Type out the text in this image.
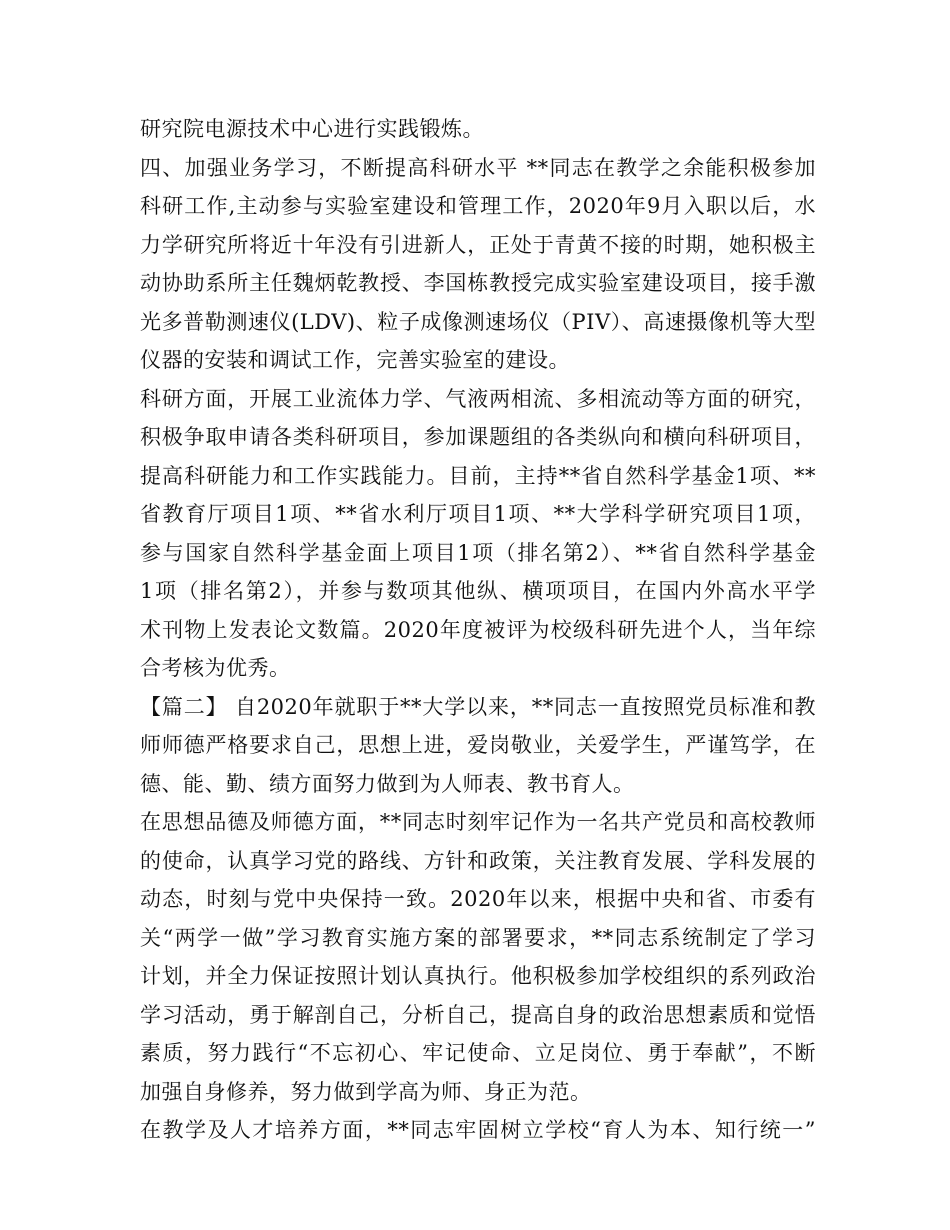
研究院电源技术中心进行实践锻炼。
四、加强业务学习，不断提高科研水平 **同志在教学之余能积极参加
科研工作,主动参与实验室建设和管理工作，2020年9月入职以后，水
力学研究所将近十年没有引进新人，正处于青黄不接的时期，她积极主
动协助系所主任魏炳乾教授、李国栋教授完成实验室建设项目，接手激
光多普勒测速仪(LDV)、粒子成像测速场仪（PIV）、高速摄像机等大型
仪器的安装和调试工作，完善实验室的建设。
科研方面，开展工业流体力学、气液两相流、多相流动等方面的研究，
积极争取申请各类科研项目，参加课题组的各类纵向和横向科研项目，
提高科研能力和工作实践能力。目前，主持**省自然科学基金1项、**
省教育厅项目1项、**省水利厅项目1项、**大学科学研究项目1项，
参与国家自然科学基金面上项目1项（排名第2）、**省自然科学基金
1项（排名第2），并参与数项其他纵、横项项目，在国内外高水平学
术刊物上发表论文数篇。2020年度被评为校级科研先进个人，当年综
合考核为优秀。
【篇二】 自2020年就职于**大学以来，**同志一直按照党员标准和教
师师德严格要求自己，思想上进，爱岗敬业，关爱学生，严谨笃学，在
德、能、勤、绩方面努力做到为人师表、教书育人。
在思想品德及师德方面，**同志时刻牢记作为一名共产党员和高校教师
的使命，认真学习党的路线、方针和政策，关注教育发展、学科发展的
动态，时刻与党中央保持一致。2020年以来，根据中央和省、市委有
关“两学一做”学习教育实施方案的部署要求，**同志系统制定了学习
计划，并全力保证按照计划认真执行。他积极参加学校组织的系列政治
学习活动，勇于解剖自己，分析自己，提高自身的政治思想素质和觉悟
素质，努力践行“不忘初心、牢记使命、立足岗位、勇于奉献”，不断
加强自身修养，努力做到学高为师、身正为范。
在教学及人才培养方面，**同志牢固树立学校“育人为本、知行统一”
